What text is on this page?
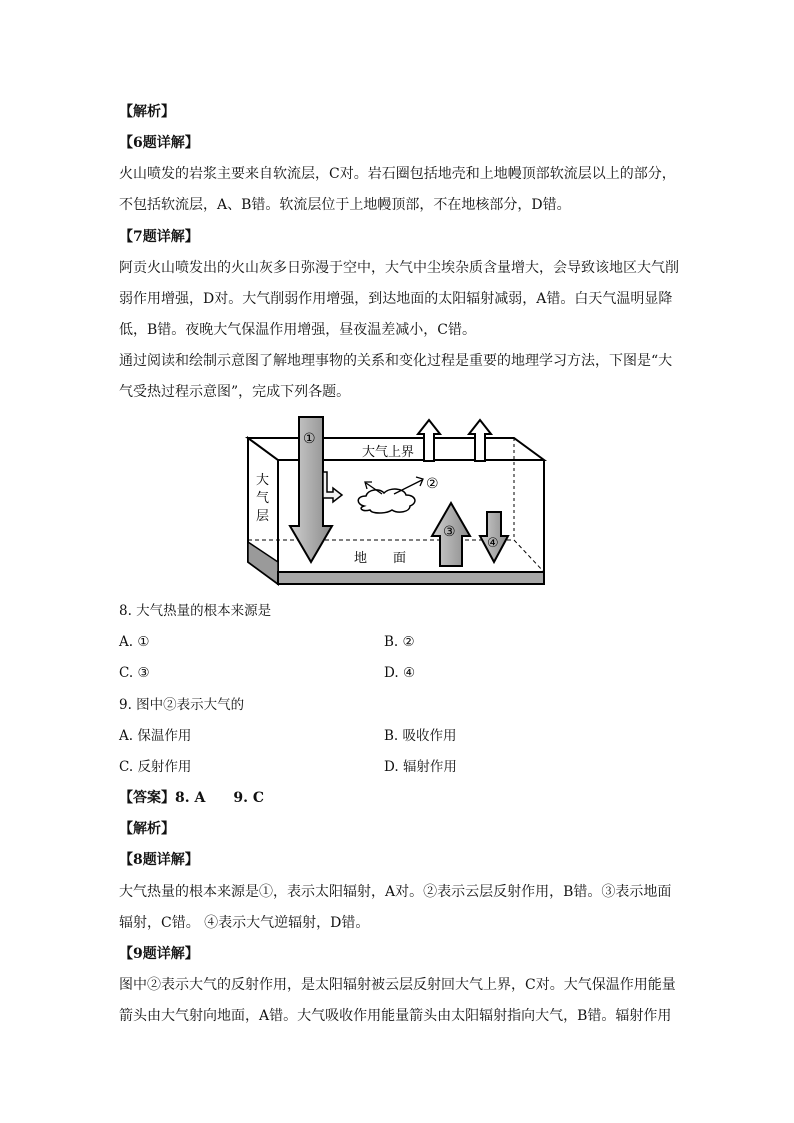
【解析】
【6题详解】
火山喷发的岩浆主要来自软流层，C对。岩石圈包括地壳和上地幔顶部软流层以上的部分，
不包括软流层，A、B错。软流层位于上地幔顶部，不在地核部分，D错。
【7题详解】
阿贡火山喷发出的火山灰多日弥漫于空中，大气中尘埃杂质含量增大，会导致该地区大气削
弱作用增强，D对。大气削弱作用增强，到达地面的太阳辐射减弱，A错。白天气温明显降
低，B错。夜晚大气保温作用增强，昼夜温差减小，C错。
通过阅读和绘制示意图了解地理事物的关系和变化过程是重要的地理学习方法，下图是“大
气受热过程示意图”，完成下列各题。
大气上界
大
气
层
地　　面
①
②
③
④
8. 大气热量的根本来源是
A. ①	B. ②
C. ③	D. ④
9. 图中②表示大气的
A. 保温作用	B. 吸收作用
C. 反射作用	D. 辐射作用
【答案】8. A　　9. C
【解析】
【8题详解】
大气热量的根本来源是①，表示太阳辐射，A对。②表示云层反射作用，B错。③表示地面
辐射，C错。 ④表示大气逆辐射，D错。
【9题详解】
图中②表示大气的反射作用，是太阳辐射被云层反射回大气上界，C对。大气保温作用能量
箭头由大气射向地面，A错。大气吸收作用能量箭头由太阳辐射指向大气，B错。辐射作用
